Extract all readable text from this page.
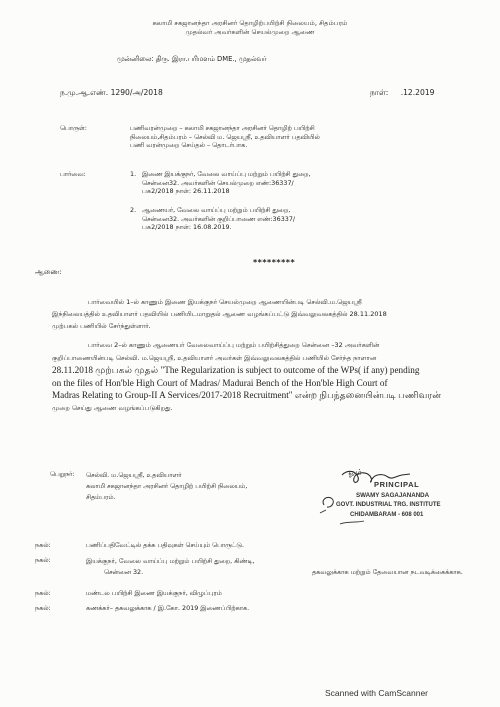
கலாமி சகஜானந்தா அரசினர் தொழிற்பயிற்சி நிலையம், சிதம்பரம்
முதல்வர் அவர்களின் செயல்முறை ஆணை
முன்னிலை: திரு. இரா.பரிமளம் DME., முதல்வர்
ந.மு.ஆ.எண். 1290/அ/2018	நாள்: .12.2019
பொருள்:	பணிவரன்முறை – கலாமி சகஜானந்தா அரசினர் தொழிற் பயிற்சி
நிலையம்,சிதம்பரம் – செல்வி ம. ஜெயஸ்ரீ, உதவியாளர் பதவியில்
பணி வரன்முறை செய்தல் – தொடர்பாக.
பார்வை:	1. இணை இயக்குநர், வேலை வாய்ப்பு மற்றும் பயிற்சி துறை,
சென்னை32. அவர்களின் செயல்முறை எண்:36337/
ப௧2/2018 நாள்: 26.11.2018
2. ஆணையர், வேலை வாய்ப்பு மற்றும் பயிற்சி துறை,
சென்னை32. அவர்களின் குறிப்பாணை எண்:36337/
ப௧2/2018 நாள்: 16.08.2019.
*********
ஆணை:
பார்வையில் 1–ல் காணும் இணை இயக்குநர் செயல்முறை ஆணையின்படி செல்வி.ம.ஜெயஸ்ரீ
இந்நிலையத்தில் உதவியாளர் பதவியில் பணியிடமாறுதல் ஆணை வழங்கப்பட்டு இவ்வலுவலகத்தில் 28.11.2018
முற்பகல் பணியில் சேர்ந்துள்ளார்.
பார்வை 2–ல் காணும் ஆணையர் வேலைவாய்ப்பு மற்றும் பயிற்சித்துறை சென்னை –32 அவர்களின்
குறிப்பாணையின்படி செல்வி. ம.ஜெயஸ்ரீ, உதவியாளர் அவர்கள் இவ்வலுவலகத்தில் பணியில் சேர்ந்த நாளான
28.11.2018 முற்பகல் முதல் "The Regularization is subject to outcome of the WPs( if any) pending
on the files of Hon'ble High Court of Madras/ Madurai Bench of the Hon'ble High Court of
Madras Relating to Group-II A Services/2017-2018 Recruitment" என்ற நிபந்தனையின்படி பணிவரன்
முறை செய்து ஆணை வழங்கப்படுகிறது.
பெறுநர்: செல்வி. ம.ஜெயஸ்ரீ, உதவியாளர்
கலாமி சகஜானந்தா அரசினர் தொழிற் பயிற்சி நிலையம்,
சிதம்பரம்.
ஓம்
PRINCIPAL
SWAMY SAGAJANANDA
GOVT. INDUSTRIAL TRG. INSTITUTE
CHIDAMBARAM - 608 001
நகல்:	பணிப்பதிவேட்டில் தக்க பதிவுகள் செய்யும் பொருட்டு.
நகல்:	இயக்குநர், வேலை வாய்ப்பு மற்றும் பயிற்சி துறை, கிண்டி,
சென்னை 32.
நகல்:	மண்டல பயிற்சி இணை இயக்குநர், விழுப்புரம்
நகல்:	கணக்கர்– தகவலுக்காக / இ.கோ. 2019 இணைப்பிற்காக.
தகவலுக்காக மற்றும் தேவையான நடவடிக்கைக்காக.
Scanned with CamScanner
